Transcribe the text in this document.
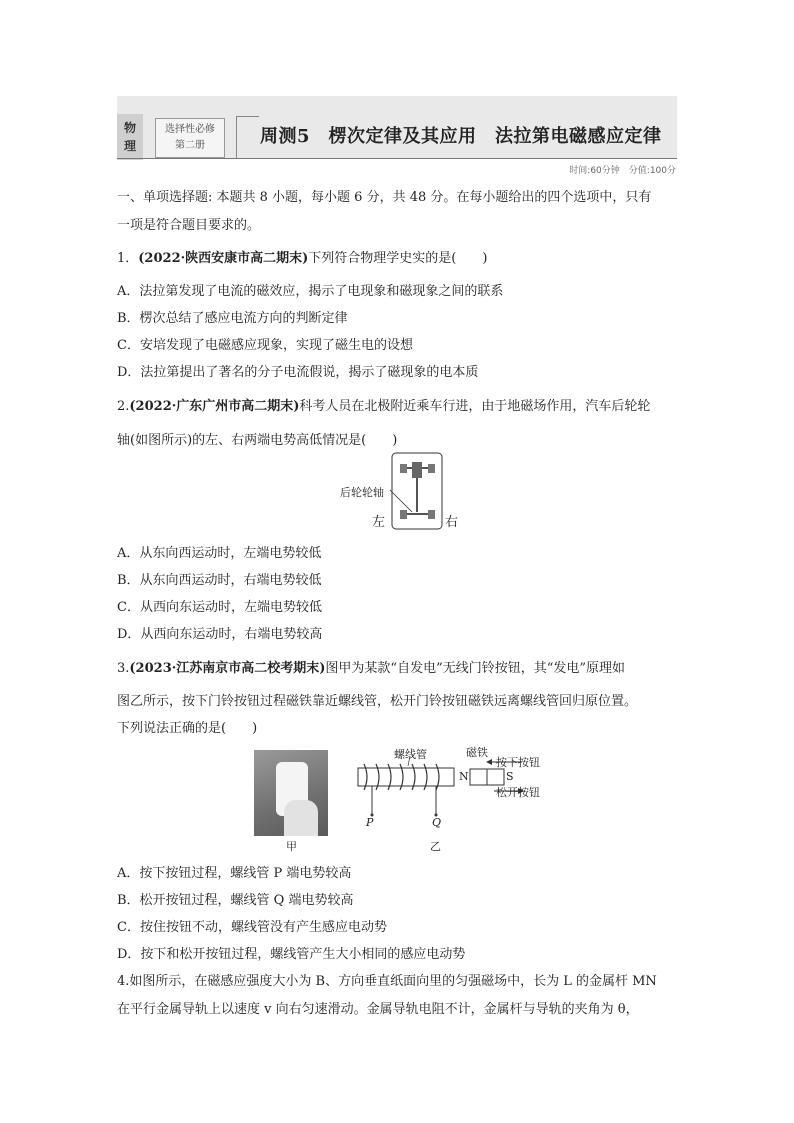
物
理
选择性必修
第二册	周测5　楞次定律及其应用　法拉第电磁感应定律
时间:60分钟　分值:100分
一、单项选择题: 本题共 8 小题，每小题 6 分，共 48 分。在每小题给出的四个选项中，只有
一项是符合题目要求的。
1．(2022·陕西安康市高二期末)下列符合物理学史实的是(　　)
A．法拉第发现了电流的磁效应，揭示了电现象和磁现象之间的联系
B．楞次总结了感应电流方向的判断定律
C．安培发现了电磁感应现象，实现了磁生电的设想
D．法拉第提出了著名的分子电流假说，揭示了磁现象的电本质
2.(2022·广东广州市高二期末)科考人员在北极附近乘车行进，由于地磁场作用，汽车后轮轮
轴(如图所示)的左、右两端电势高低情况是(　　)
后轮轮轴
左	右
A．从东向西运动时，左端电势较低
B．从东向西运动时，右端电势较低
C．从西向东运动时，左端电势较低
D．从西向东运动时，右端电势较高
3.(2023·江苏南京市高二校考期末)图甲为某款“自发电”无线门铃按钮，其“发电”原理如
图乙所示，按下门铃按钮过程磁铁靠近螺线管，松开门铃按钮磁铁远离螺线管回归原位置。
下列说法正确的是(　　)
甲
螺线管	磁铁
按下按钮
N	S
松开按钮
P	Q
乙
A．按下按钮过程，螺线管 P 端电势较高
B．松开按钮过程，螺线管 Q 端电势较高
C．按住按钮不动，螺线管没有产生感应电动势
D．按下和松开按钮过程，螺线管产生大小相同的感应电动势
4.如图所示，在磁感应强度大小为 B、方向垂直纸面向里的匀强磁场中，长为 L 的金属杆 MN
在平行金属导轨上以速度 v 向右匀速滑动。金属导轨电阻不计，金属杆与导轨的夹角为 θ，
